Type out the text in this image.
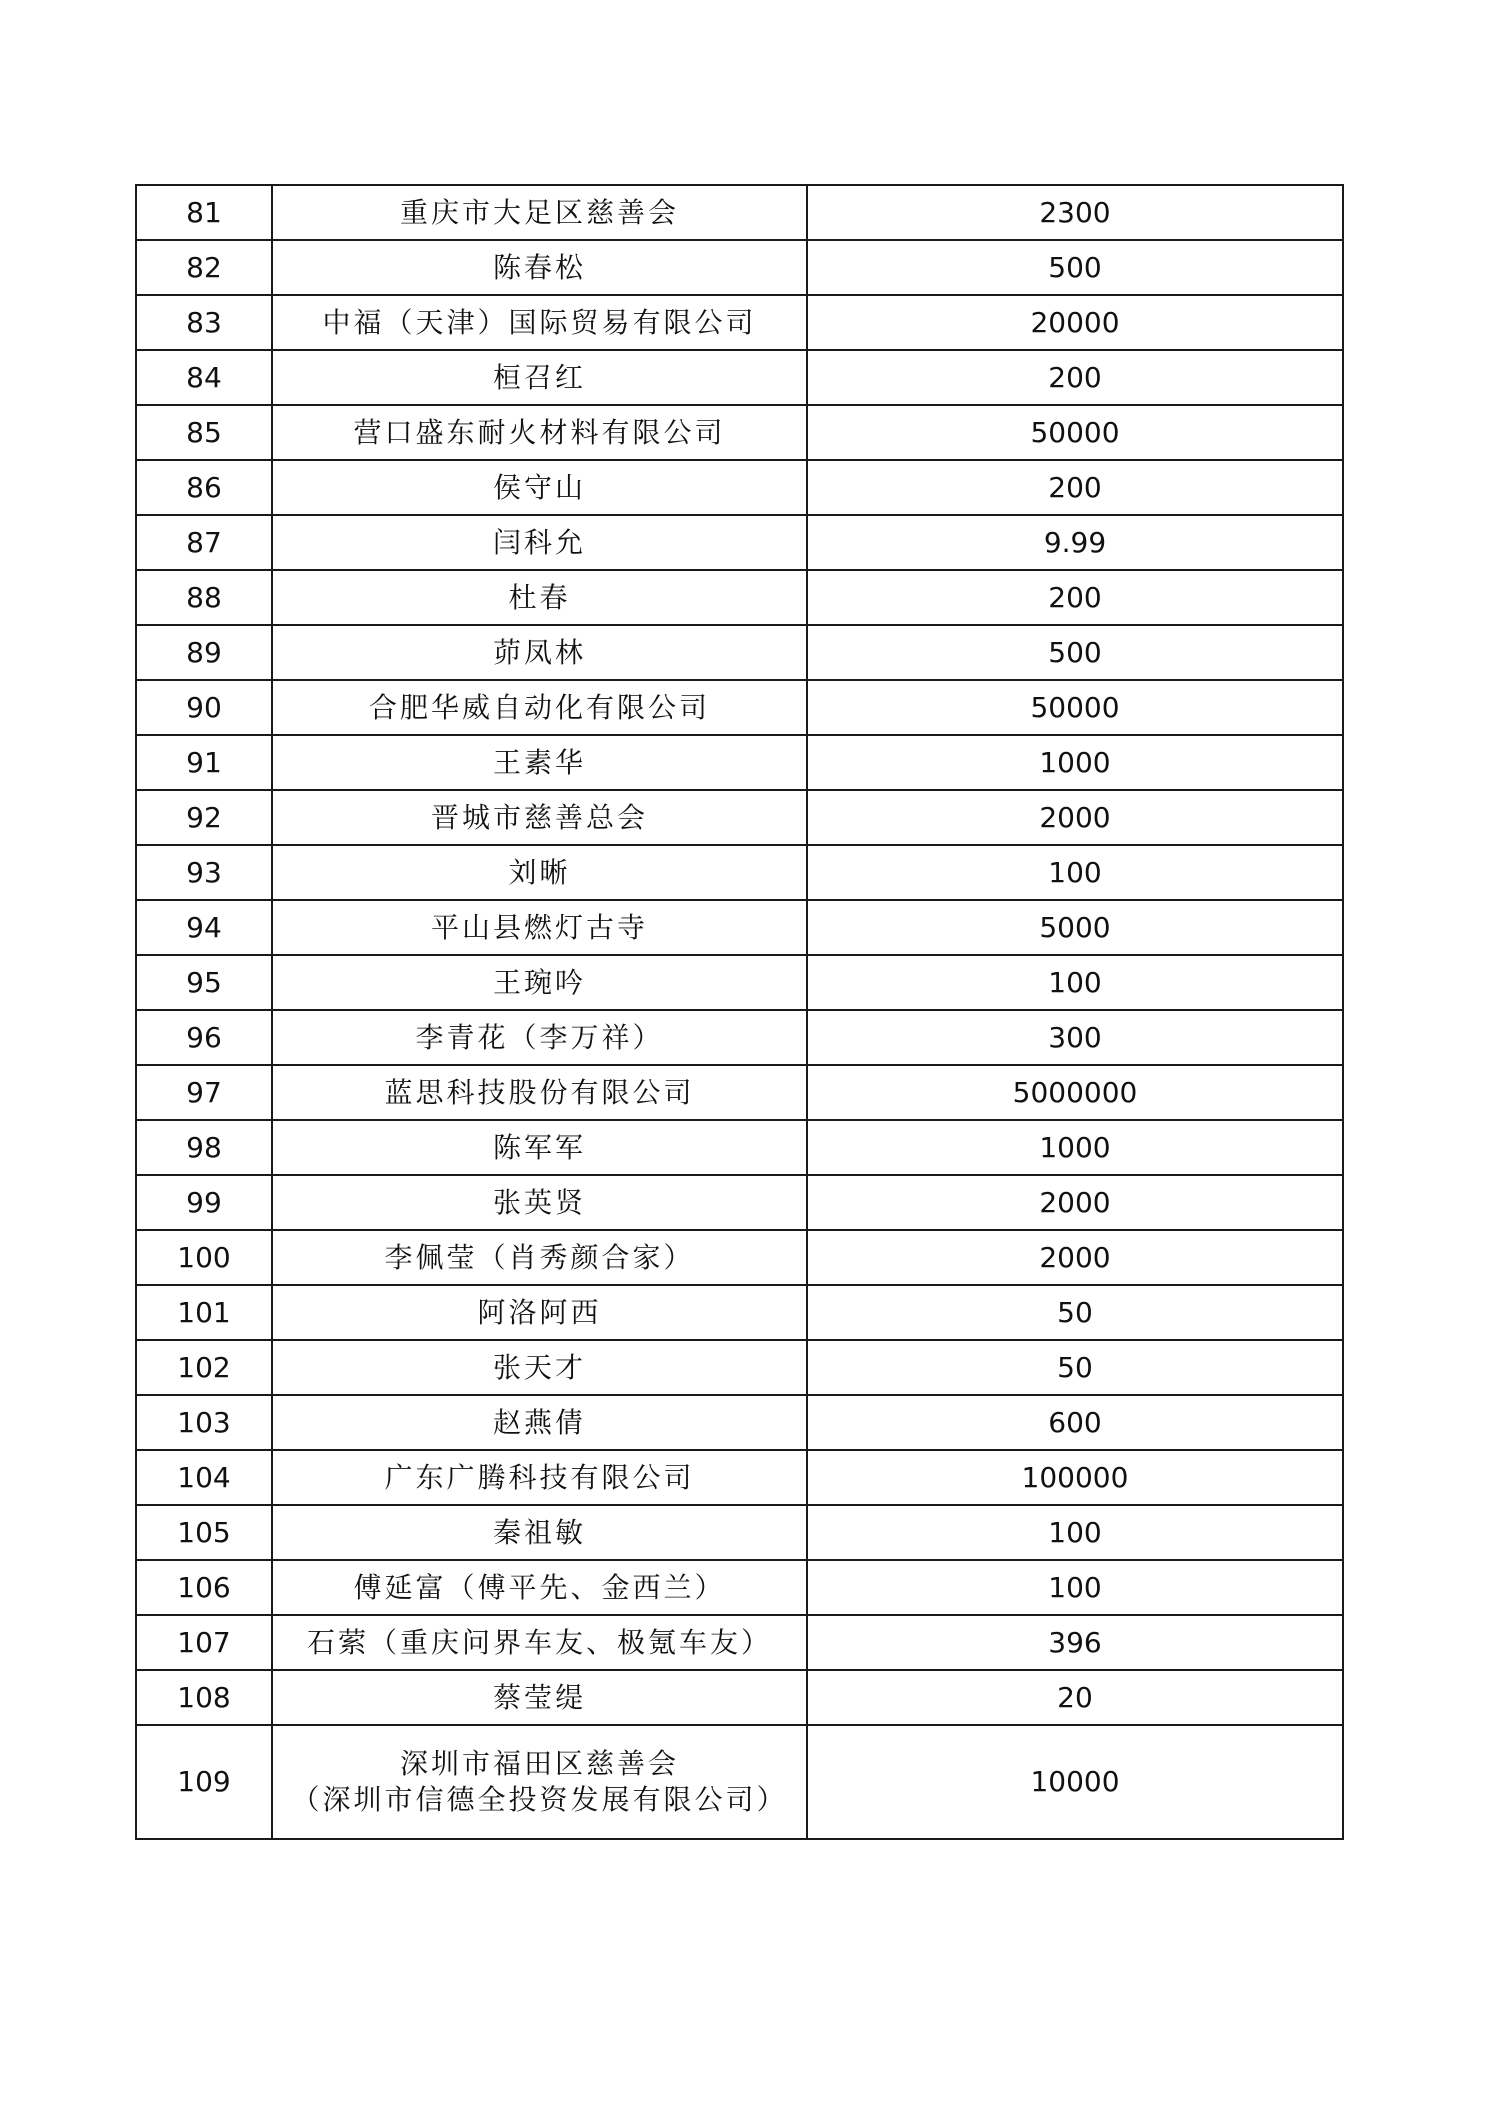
81	重庆市大足区慈善会	2300
82	陈春松	500
83	中福（天津）国际贸易有限公司	20000
84	桓召红	200
85	营口盛东耐火材料有限公司	50000
86	侯守山	200
87	闫科允	9.99
88	杜春	200
89	茆凤林	500
90	合肥华威自动化有限公司	50000
91	王素华	1000
92	晋城市慈善总会	2000
93	刘晰	100
94	平山县燃灯古寺	5000
95	王琬吟	100
96	李青花（李万祥）	300
97	蓝思科技股份有限公司	5000000
98	陈军军	1000
99	张英贤	2000
100	李佩莹（肖秀颜合家）	2000
101	阿洛阿西	50
102	张天才	50
103	赵燕倩	600
104	广东广腾科技有限公司	100000
105	秦祖敏	100
106	傅延富（傅平先、金西兰）	100
107	石萦（重庆问界车友、极氪车友）	396
108	蔡莹缇	20
109	深圳市福田区慈善会
（深圳市信德全投资发展有限公司）	10000
